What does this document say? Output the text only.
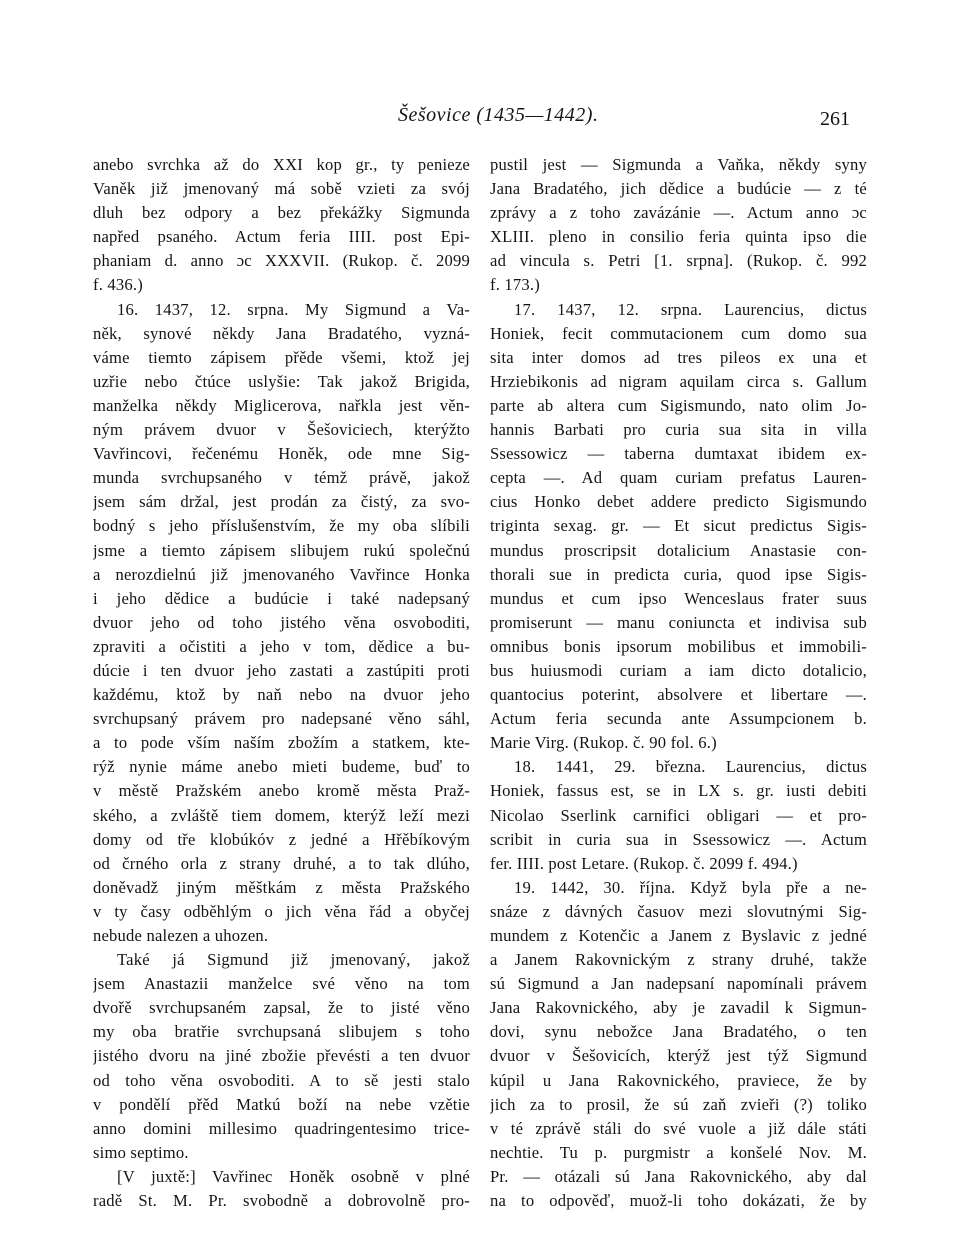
Šešovice (1435—1442).	261
anebo svrchka až do XXI kop gr., ty penieze
Vaněk již jmenovaný má sobě vzieti za svój
dluh bez odpory a bez překážky Sigmunda
napřed psaného. Actum feria IIII. post Epi-
phaniam d. anno ɔc XXXVII. (Rukop. č. 2099
f. 436.)
16. 1437, 12. srpna. My Sigmund a Va-
něk, synové někdy Jana Bradatého, vyzná-
váme tiemto zápisem přěde všemi, ktož jej
uzřie nebo čtúce uslyšie: Tak jakož Brigida,
manželka někdy Miglicerova, nařkla jest věn-
ným právem dvuor v Šešoviciech, kterýžto
Vavřincovi, řečenému Honěk, ode mne Sig-
munda svrchupsaného v témž právě, jakož
jsem sám držal, jest prodán za čistý, za svo-
bodný s jeho příslušenstvím, že my oba slíbili
jsme a tiemto zápisem slibujem rukú společnú
a nerozdielnú již jmenovaného Vavřince Honka
i jeho dědice a budúcie i také nadepsaný
dvuor jeho od toho jistého věna osvoboditi,
zpraviti a očistiti a jeho v tom, dědice a bu-
dúcie i ten dvuor jeho zastati a zastúpiti proti
každému, ktož by naň nebo na dvuor jeho
svrchupsaný právem pro nadepsané věno sáhl,
a to pode vším naším zbožím a statkem, kte-
rýž nynie máme anebo mieti budeme, buď to
v městě Pražském anebo kromě města Praž-
ského, a zvláště tiem domem, kterýž leží mezi
domy od tře klobúkóv z jedné a Hřěbíkovým
od črného orla z strany druhé, a to tak dlúho,
doněvadž jiným měštkám z města Pražského
v ty časy odběhlým o jich věna řád a obyčej
nebude nalezen a uhozen.
Také já Sigmund již jmenovaný, jakož
jsem Anastazii manželce své věno na tom
dvořě svrchupsaném zapsal, že to jisté věno
my oba bratřie svrchupsaná slibujem s toho
jistého dvoru na jiné zbožie převésti a ten dvuor
od toho věna osvoboditi. A to sě jesti stalo
v pondělí přěd Matkú boží na nebe vzětie
anno domini millesimo quadringentesimo trice-
simo septimo.
[V juxtě:] Vavřinec Honěk osobně v plné
radě St. M. Pr. svobodně a dobrovolně pro-
pustil jest — Sigmunda a Vaňka, někdy syny
Jana Bradatého, jich dědice a budúcie — z té
zprávy a z toho zavázánie —. Actum anno ɔc
XLIII. pleno in consilio feria quinta ipso die
ad vincula s. Petri [1. srpna]. (Rukop. č. 992
f. 173.)
17. 1437, 12. srpna. Laurencius, dictus
Honiek, fecit commutacionem cum domo sua
sita inter domos ad tres pileos ex una et
Hrziebikonis ad nigram aquilam circa s. Gallum
parte ab altera cum Sigismundo, nato olim Jo-
hannis Barbati pro curia sua sita in villa
Ssessowicz — taberna dumtaxat ibidem ex-
cepta —. Ad quam curiam prefatus Lauren-
cius Honko debet addere predicto Sigismundo
triginta sexag. gr. — Et sicut predictus Sigis-
mundus proscripsit dotalicium Anastasie con-
thorali sue in predicta curia, quod ipse Sigis-
mundus et cum ipso Wenceslaus frater suus
promiserunt — manu coniuncta et indivisa sub
omnibus bonis ipsorum mobilibus et immobili-
bus huiusmodi curiam a iam dicto dotalicio,
quantocius poterint, absolvere et libertare —.
Actum feria secunda ante Assumpcionem b.
Marie Virg. (Rukop. č. 90 fol. 6.)
18. 1441, 29. března. Laurencius, dictus
Honiek, fassus est, se in LX s. gr. iusti debiti
Nicolao Sserlink carnifici obligari — et pro-
scribit in curia sua in Ssessowicz —. Actum
fer. IIII. post Letare. (Rukop. č. 2099 f. 494.)
19. 1442, 30. října. Když byla pře a ne-
snáze z dávných časuov mezi slovutnými Sig-
mundem z Kotenčic a Janem z Byslavic z jedné
a Janem Rakovnickým z strany druhé, takže
sú Sigmund a Jan nadepsaní napomínali právem
Jana Rakovnického, aby je zavadil k Sigmun-
dovi, synu nebožce Jana Bradatého, o ten
dvuor v Šešovicích, kterýž jest týž Sigmund
kúpil u Jana Rakovnického, praviece, že by
jich za to prosil, že sú zaň zvieři (?) toliko
v té zprávě stáli do své vuole a již dále státi
nechtie. Tu p. purgmistr a konšelé Nov. M.
Pr. — otázali sú Jana Rakovnického, aby dal
na to odpověď, muož-li toho dokázati, že by
